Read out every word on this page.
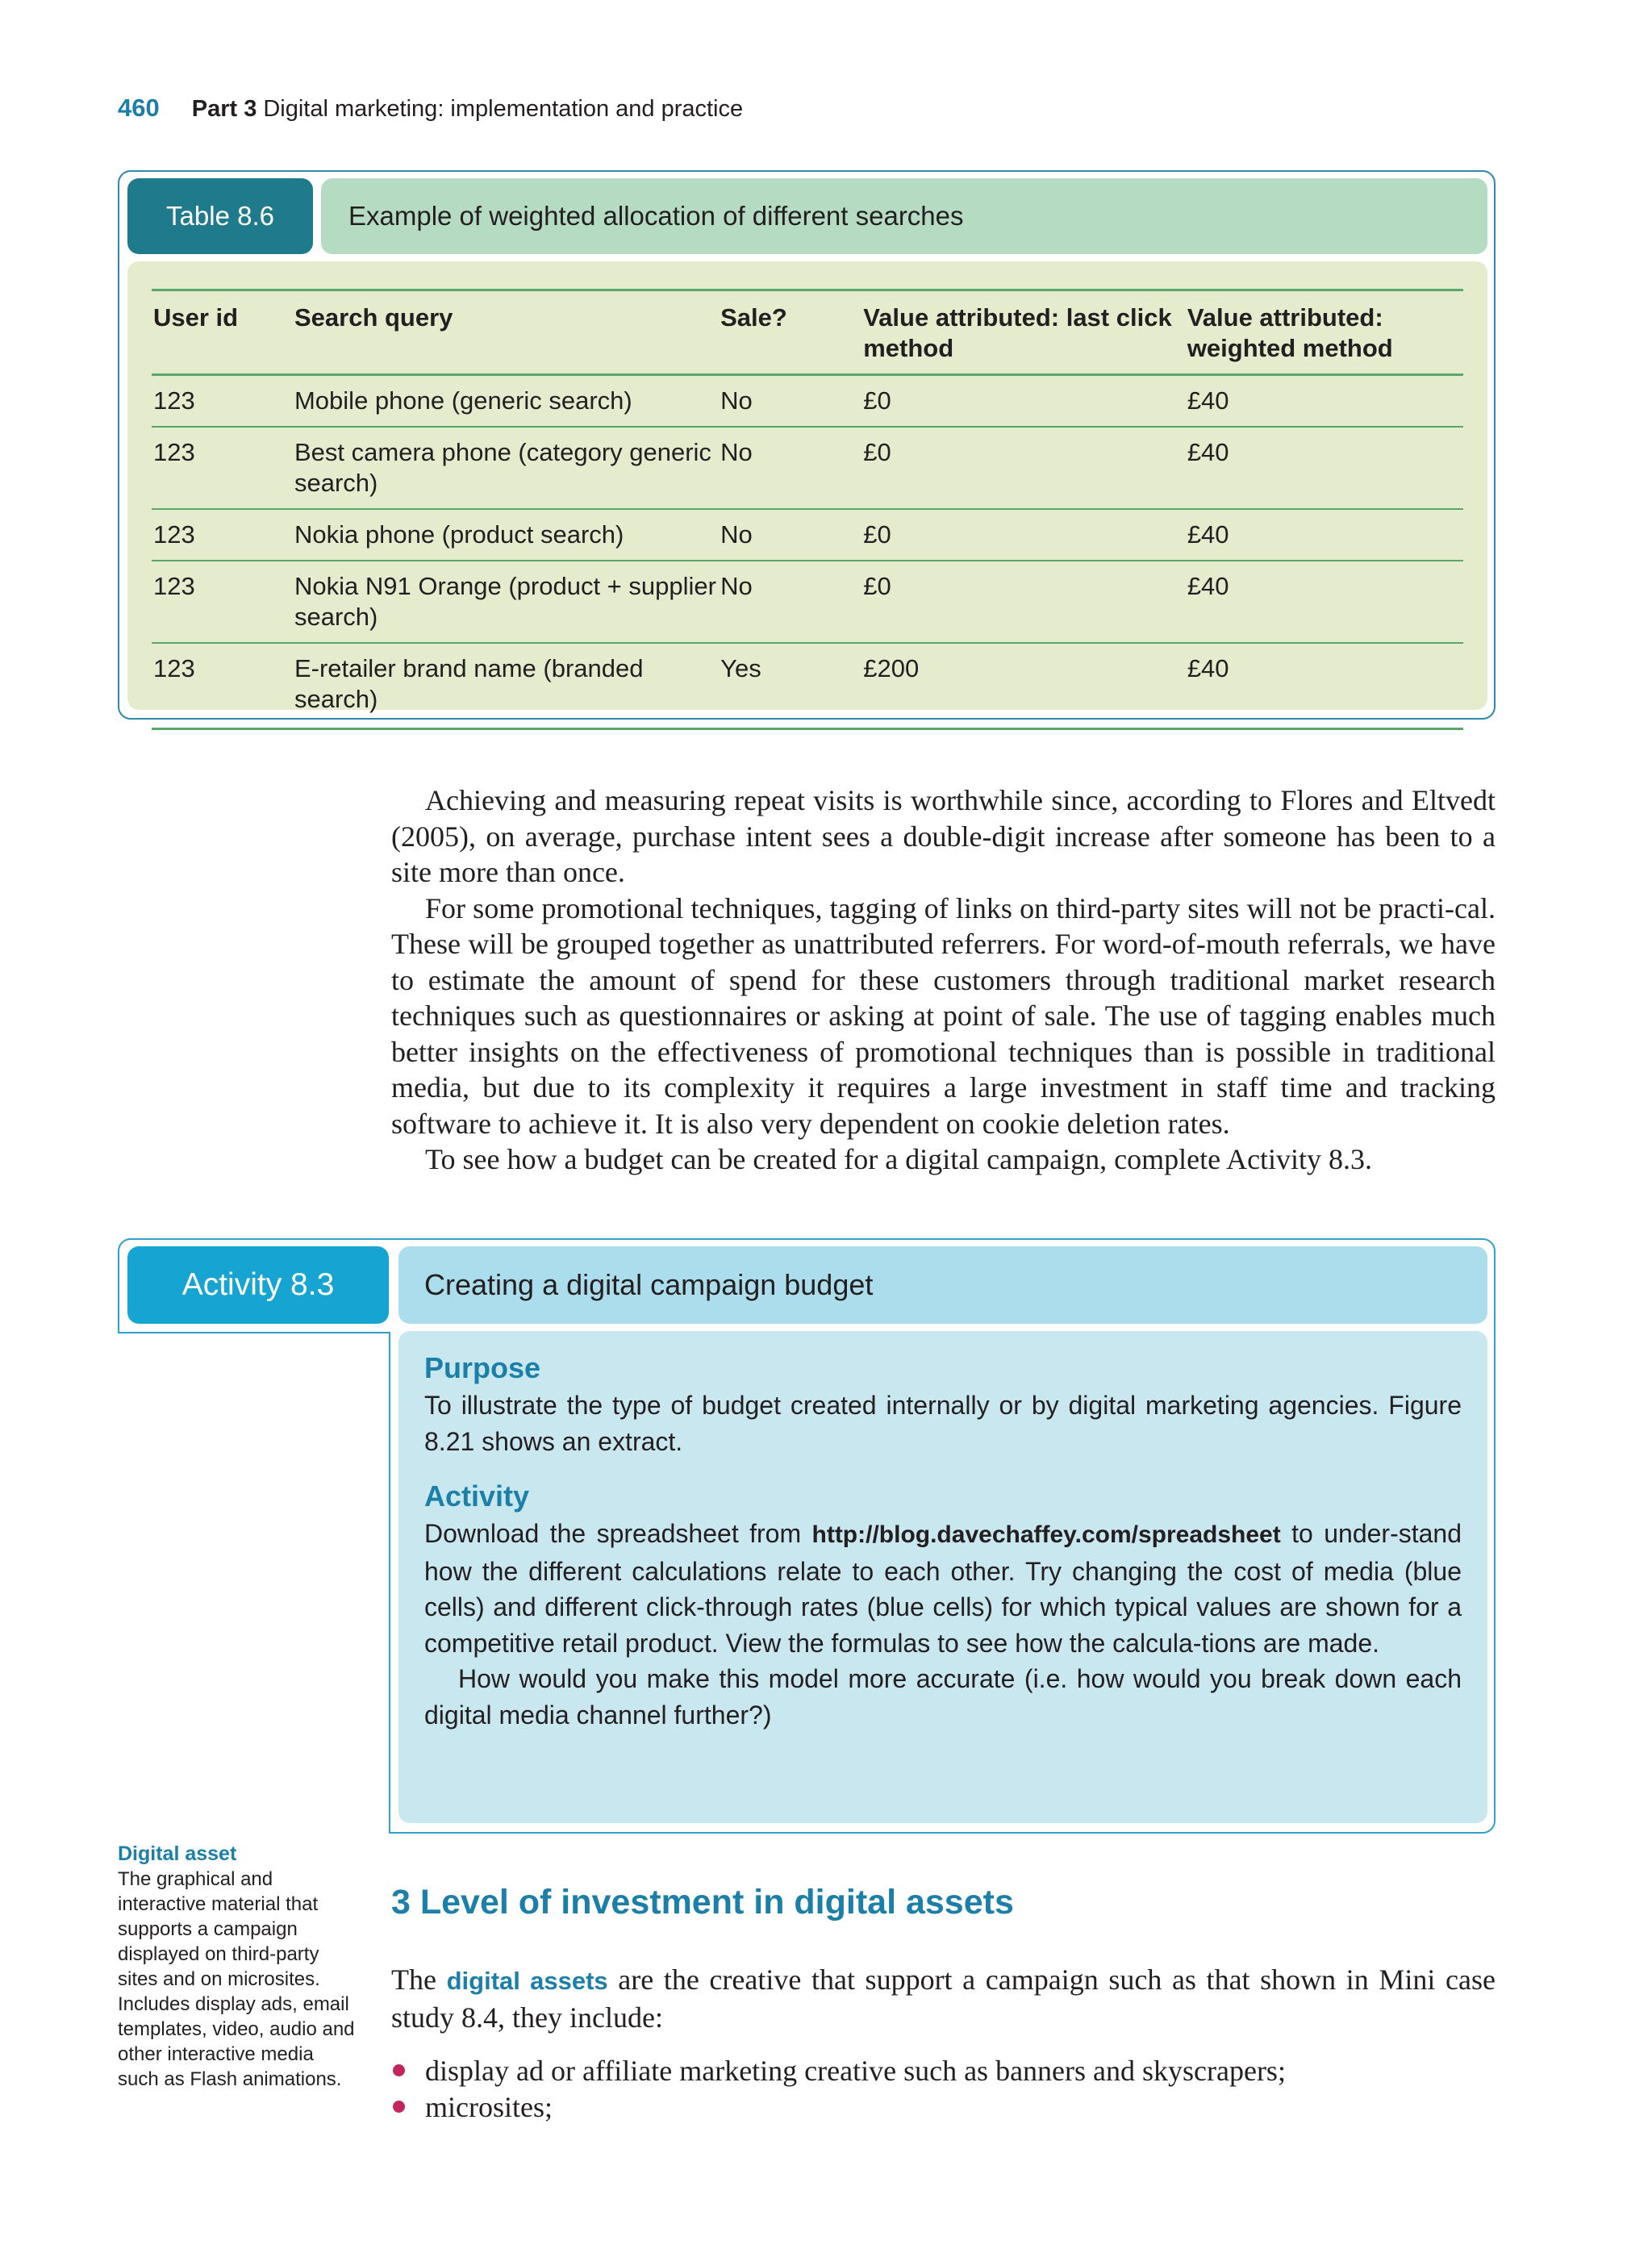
460 Part 3 Digital marketing: implementation and practice
Table 8.6	Example of weighted allocation of different searches
User id	Search query	Sale?	Value attributed: last click method	Value attributed: weighted method
123	Mobile phone (generic search)	No	£0	£40
123	Best camera phone (category generic search)	No	£0	£40
123	Nokia phone (product search)	No	£0	£40
123	Nokia N91 Orange (product + supplier search)	No	£0	£40
123	E-retailer brand name (branded search)	Yes	£200	£40

Achieving and measuring repeat visits is worthwhile since, according to Flores and Eltvedt (2005), on average, purchase intent sees a double-digit increase after someone has been to a site more than once.

For some promotional techniques, tagging of links on third-party sites will not be practi-cal. These will be grouped together as unattributed referrers. For word-of-mouth referrals, we have to estimate the amount of spend for these customers through traditional market research techniques such as questionnaires or asking at point of sale. The use of tagging enables much better insights on the effectiveness of promotional techniques than is possible in traditional media, but due to its complexity it requires a large investment in staff time and tracking software to achieve it. It is also very dependent on cookie deletion rates.

To see how a budget can be created for a digital campaign, complete Activity 8.3.

Activity 8.3	Creating a digital campaign budget
Purpose

To illustrate the type of budget created internally or by digital marketing agencies. Figure 8.21 shows an extract.

Activity

Download the spreadsheet from http://blog.davechaffey.com/spreadsheet to under-stand how the different calculations relate to each other. Try changing the cost of media (blue cells) and different click-through rates (blue cells) for which typical values are shown for a competitive retail product. View the formulas to see how the calcula-tions are made.

How would you make this model more accurate (i.e. how would you break down each digital media channel further?)

Digital asset
The graphical and interactive material that supports a campaign displayed on third-party sites and on microsites. Includes display ads, email templates, video, audio and other interactive media such as Flash animations.
3 Level of investment in digital assets

The digital assets are the creative that support a campaign such as that shown in Mini case study 8.4, they include:

display ad or affiliate marketing creative such as banners and skyscrapers;
microsites;
